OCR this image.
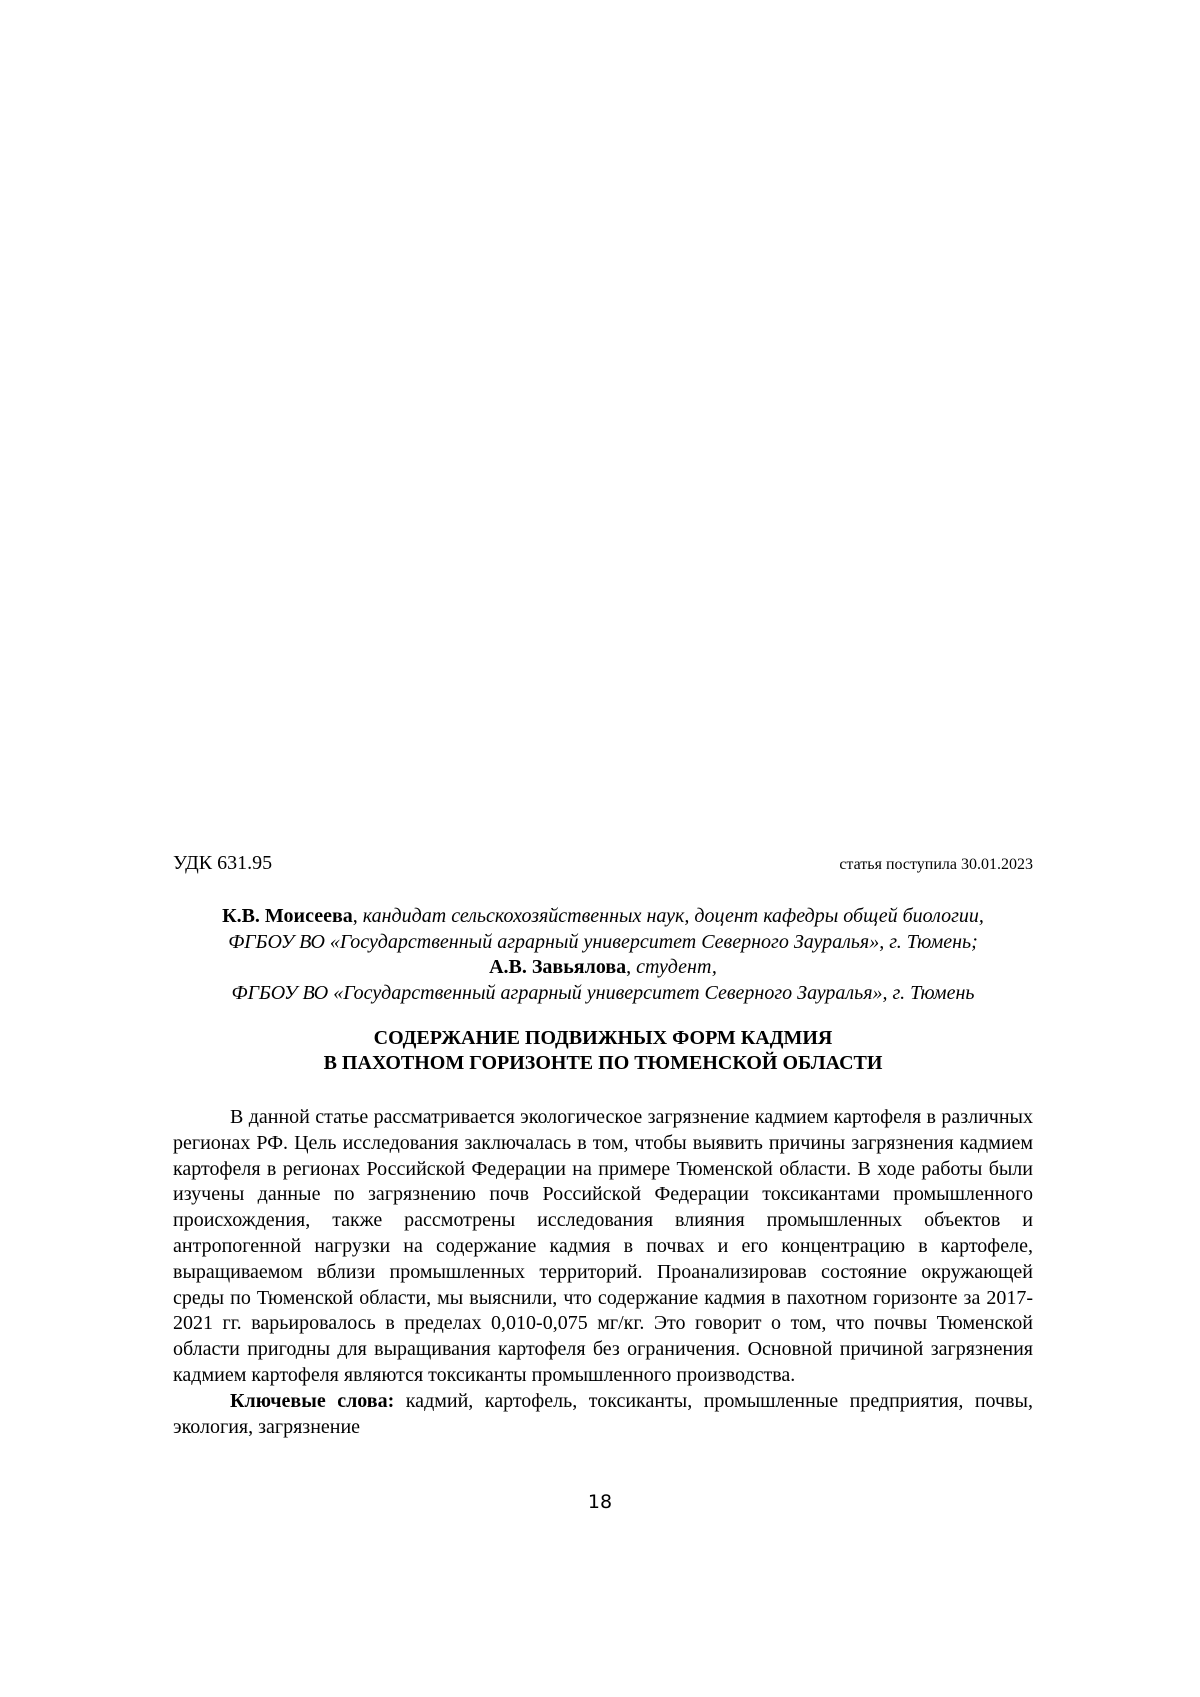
УДК 631.95	статья поступила 30.01.2023
К.В. Моисеева, кандидат сельскохозяйственных наук, доцент кафедры общей биологии,
ФГБОУ ВО «Государственный аграрный университет Северного Зауралья», г. Тюмень;
А.В. Завьялова, студент,
ФГБОУ ВО «Государственный аграрный университет Северного Зауралья», г. Тюмень
СОДЕРЖАНИЕ ПОДВИЖНЫХ ФОРМ КАДМИЯ
В ПАХОТНОМ ГОРИЗОНТЕ ПО ТЮМЕНСКОЙ ОБЛАСТИ

В данной статье рассматривается экологическое загрязнение кадмием картофеля в различных регионах РФ. Цель исследования заключалась в том, чтобы выявить причины загрязнения кадмием картофеля в регионах Российской Федерации на примере Тюменской области. В ходе работы были изучены данные по загрязнению почв Российской Федерации токсикантами промышленного происхождения, также рассмотрены исследования влияния промышленных объектов и антропогенной нагрузки на содержание кадмия в почвах и его концентрацию в картофеле, выращиваемом вблизи промышленных территорий. Проанализировав состояние окружающей среды по Тюменской области, мы выяснили, что содержание кадмия в пахотном горизонте за 2017-2021 гг. варьировалось в пределах 0,010-0,075 мг/кг. Это говорит о том, что почвы Тюменской области пригодны для выращивания картофеля без ограничения. Основной причиной загрязнения кадмием картофеля являются токсиканты промышленного производства.

Ключевые слова: кадмий, картофель, токсиканты, промышленные предприятия, почвы, экология, загрязнение

18
